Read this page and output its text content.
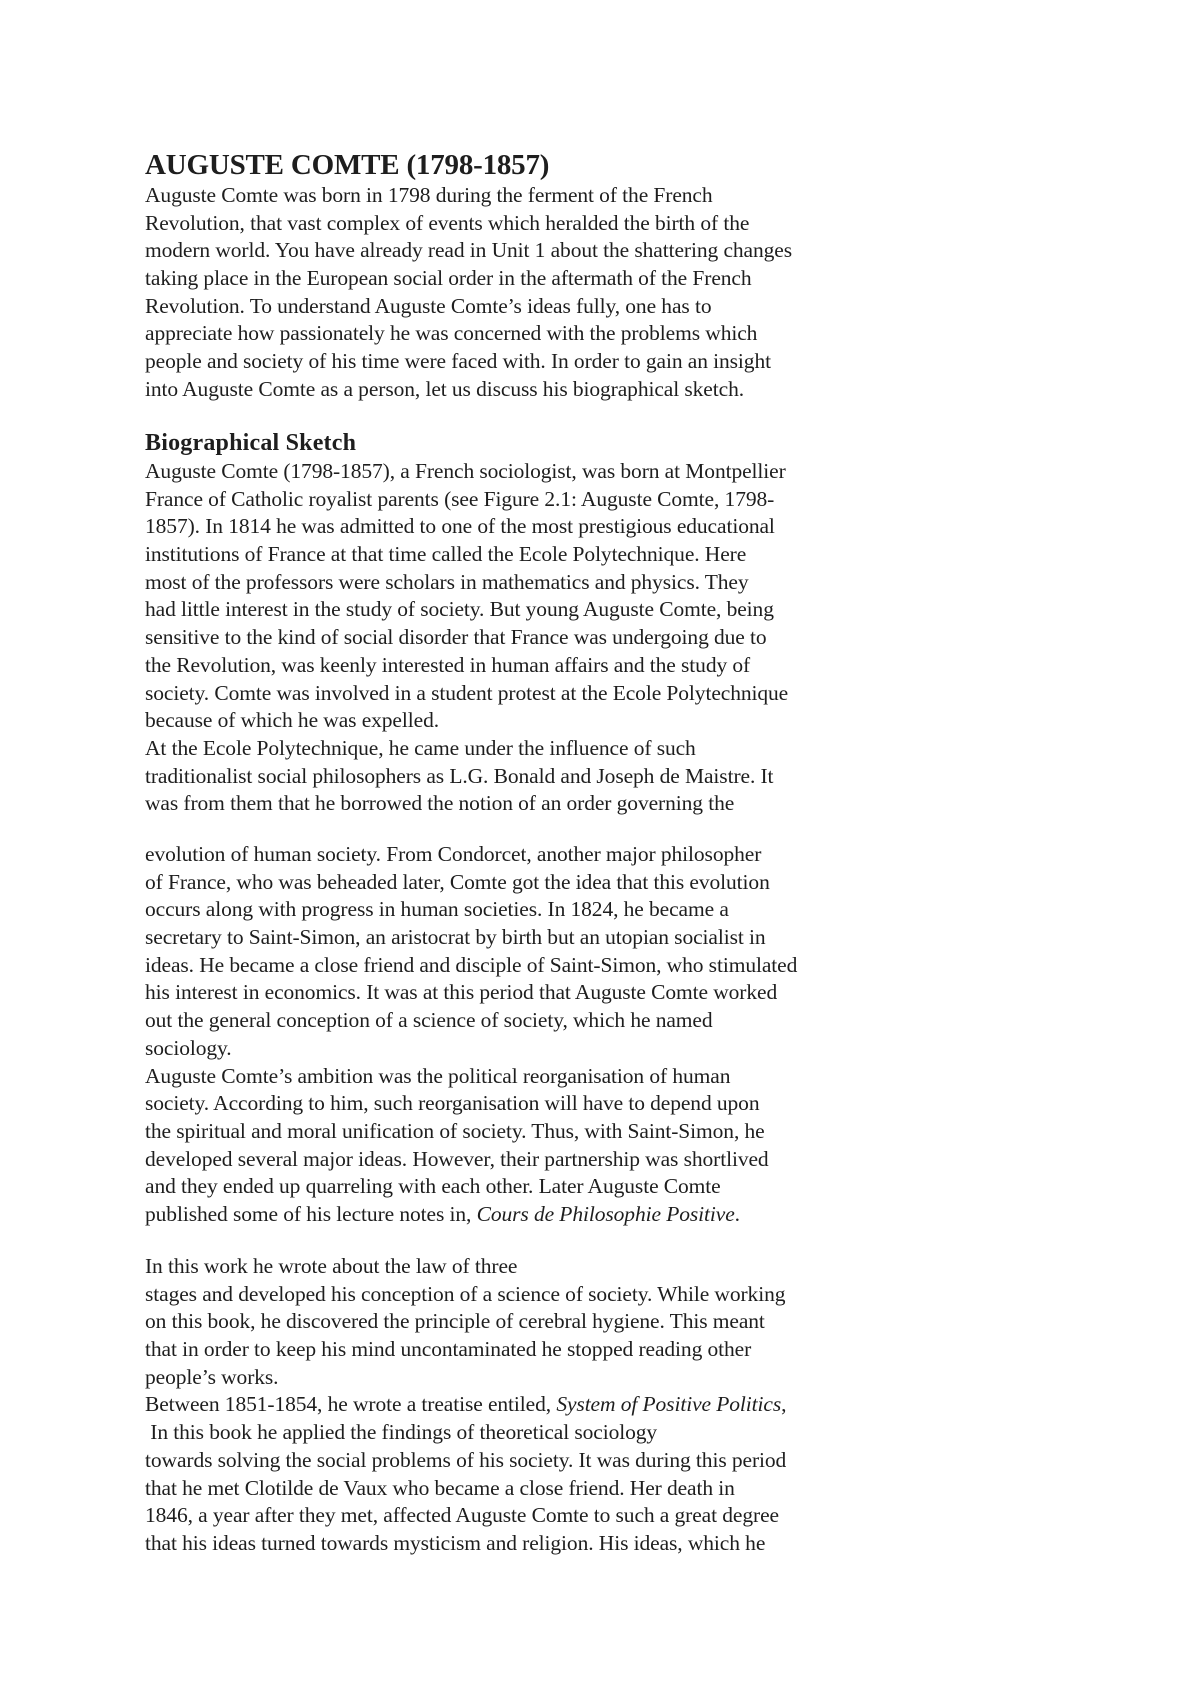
AUGUSTE COMTE (1798-1857)
Auguste Comte was born in 1798 during the ferment of the French
Revolution, that vast complex of events which heralded the birth of the
modern world. You have already read in Unit 1 about the shattering changes
taking place in the European social order in the aftermath of the French
Revolution. To understand Auguste Comte’s ideas fully, one has to
appreciate how passionately he was concerned with the problems which
people and society of his time were faced with. In order to gain an insight
into Auguste Comte as a person, let us discuss his biographical sketch.
Biographical Sketch
Auguste Comte (1798-1857), a French sociologist, was born at Montpellier
France of Catholic royalist parents (see Figure 2.1: Auguste Comte, 1798-
1857). In 1814 he was admitted to one of the most prestigious educational
institutions of France at that time called the Ecole Polytechnique. Here
most of the professors were scholars in mathematics and physics. They
had little interest in the study of society. But young Auguste Comte, being
sensitive to the kind of social disorder that France was undergoing due to
the Revolution, was keenly interested in human affairs and the study of
society. Comte was involved in a student protest at the Ecole Polytechnique
because of which he was expelled.
At the Ecole Polytechnique, he came under the influence of such
traditionalist social philosophers as L.G. Bonald and Joseph de Maistre. It
was from them that he borrowed the notion of an order governing the
evolution of human society. From Condorcet, another major philosopher
of France, who was beheaded later, Comte got the idea that this evolution
occurs along with progress in human societies. In 1824, he became a
secretary to Saint-Simon, an aristocrat by birth but an utopian socialist in
ideas. He became a close friend and disciple of Saint-Simon, who stimulated
his interest in economics. It was at this period that Auguste Comte worked
out the general conception of a science of society, which he named
sociology.
Auguste Comte’s ambition was the political reorganisation of human
society. According to him, such reorganisation will have to depend upon
the spiritual and moral unification of society. Thus, with Saint-Simon, he
developed several major ideas. However, their partnership was shortlived
and they ended up quarreling with each other. Later Auguste Comte
published some of his lecture notes in, Cours de Philosophie Positive.
In this work he wrote about the law of three
stages and developed his conception of a science of society. While working
on this book, he discovered the principle of cerebral hygiene. This meant
that in order to keep his mind uncontaminated he stopped reading other
people’s works.
Between 1851-1854, he wrote a treatise entiled, System of Positive Politics,
In this book he applied the findings of theoretical sociology
towards solving the social problems of his society. It was during this period
that he met Clotilde de Vaux who became a close friend. Her death in
1846, a year after they met, affected Auguste Comte to such a great degree
that his ideas turned towards mysticism and religion. His ideas, which he
